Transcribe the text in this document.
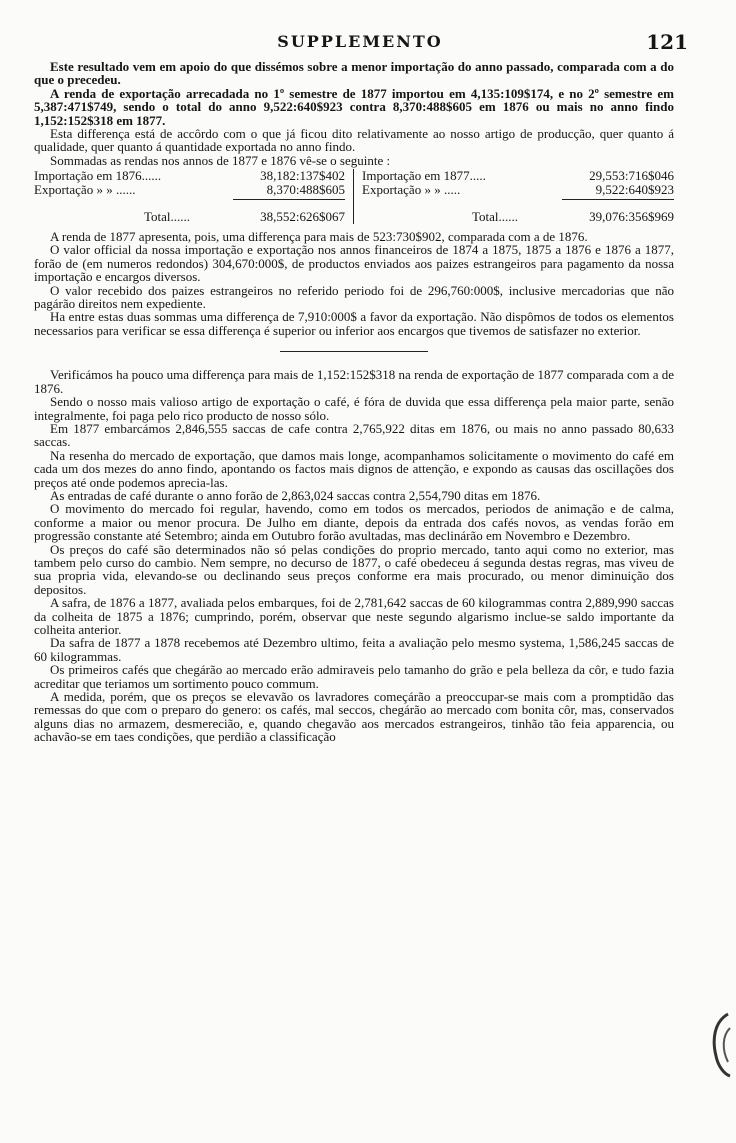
SUPPLEMENTO	121

Este resultado vem em apoio do que dissémos sobre a menor importação do anno passado, comparada com a do que o precedeu.

A renda de exportação arrecadada no 1º semestre de 1877 importou em 4,135:109$174, e no 2º semestre em 5,387:471$749, sendo o total do anno 9,522:640$923 contra 8,370:488$605 em 1876 ou mais no anno findo 1,152:152$318 em 1877.

Esta differença está de accôrdo com o que já ficou dito relativamente ao nosso artigo de producção, quer quanto á qualidade, quer quanto á quantidade exportada no anno findo.

Sommadas as rendas nos annos de 1877 e 1876 vê-se o seguinte :

Importação em 1876......	38,182:137$402
Exportação » » ......	8,370:488$605
Total......	38,552:626$067
Importação em 1877.....	29,553:716$046
Exportação » » .....	9,522:640$923
Total......	39,076:356$969

A renda de 1877 apresenta, pois, uma differença para mais de 523:730$902, comparada com a de 1876.

O valor official da nossa importação e exportação nos annos financeiros de 1874 a 1875, 1875 a 1876 e 1876 a 1877, forão de (em numeros redondos) 304,670:000$, de productos enviados aos paizes estrangeiros para pagamento da nossa importação e encargos diversos.

O valor recebido dos paizes estrangeiros no referido periodo foi de 296,760:000$, inclusive mercadorias que não pagárão direitos nem expediente.

Ha entre estas duas sommas uma differença de 7,910:000$ a favor da exportação. Não dispômos de todos os elementos necessarios para verificar se essa differença é superior ou inferior aos encargos que tivemos de satisfazer no exterior.

Verificámos ha pouco uma differença para mais de 1,152:152$318 na renda de exportação de 1877 comparada com a de 1876.

Sendo o nosso mais valioso artigo de exportação o café, é fóra de duvida que essa differença pela maior parte, senão integralmente, foi paga pelo rico producto de nosso sólo.

Em 1877 embarcámos 2,846,555 saccas de cafe contra 2,765,922 ditas em 1876, ou mais no anno passado 80,633 saccas.

Na resenha do mercado de exportação, que damos mais longe, acompanhamos solicitamente o movimento do café em cada um dos mezes do anno findo, apontando os factos mais dignos de attenção, e expondo as causas das oscillações dos preços até onde podemos aprecia-las.

As entradas de café durante o anno forão de 2,863,024 saccas contra 2,554,790 ditas em 1876.

O movimento do mercado foi regular, havendo, como em todos os mercados, periodos de animação e de calma, conforme a maior ou menor procura. De Julho em diante, depois da entrada dos cafés novos, as vendas forão em progressão constante até Setembro; ainda em Outubro forão avultadas, mas declinárão em Novembro e Dezembro.

Os preços do café são determinados não só pelas condições do proprio mercado, tanto aqui como no exterior, mas tambem pelo curso do cambio. Nem sempre, no decurso de 1877, o café obedeceu á segunda destas regras, mas viveu de sua propria vida, elevando-se ou declinando seus preços conforme era mais procurado, ou menor diminuição dos depositos.

A safra, de 1876 a 1877, avaliada pelos embarques, foi de 2,781,642 saccas de 60 kilogrammas contra 2,889,990 saccas da colheita de 1875 a 1876; cumprindo, porém, observar que neste segundo algarismo inclue-se saldo importante da colheita anterior.

Da safra de 1877 a 1878 recebemos até Dezembro ultimo, feita a avaliação pelo mesmo systema, 1,586,245 saccas de 60 kilogrammas.

Os primeiros cafés que chegárão ao mercado erão admiraveis pelo tamanho do grão e pela belleza da côr, e tudo fazia acreditar que teriamos um sortimento pouco commum.

A medida, porém, que os preços se elevavão os lavradores começárão a preoccupar-se mais com a promptidão das remessas do que com o preparo do genero: os cafés, mal seccos, chegárão ao mercado com bonita côr, mas, conservados alguns dias no armazem, desmerecião, e, quando chegavão aos mercados estrangeiros, tinhão tão feia apparencia, ou achavão-se em taes condições, que perdião a classificação
